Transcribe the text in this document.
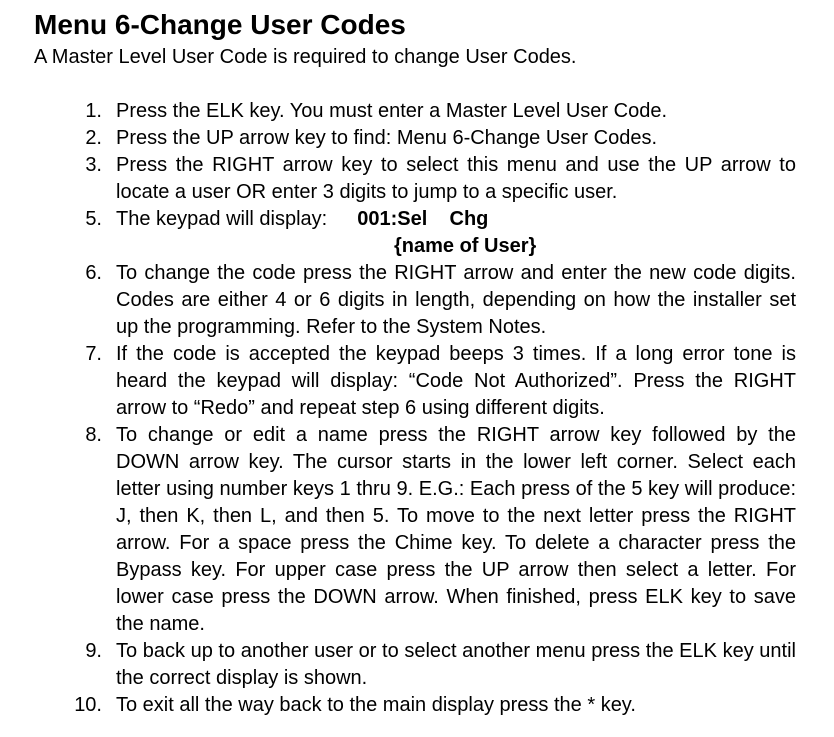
Menu 6-Change User Codes

A Master Level User Code is required to change User Codes.

1. Press the ELK key. You must enter a Master Level User Code.
2. Press the UP arrow key to find: Menu 6-Change User Codes.
3. Press the RIGHT arrow key to select this menu and use the UP arrow to locate a user OR enter 3 digits to jump to a specific user.
5. The keypad will display: 001:Sel    Chg
{name of User}
6. To change the code press the RIGHT arrow and enter the new code digits. Codes are either 4 or 6 digits in length, depending on how the installer set up the programming. Refer to the System Notes.
7. If the code is accepted the keypad beeps 3 times. If a long error tone is heard the keypad will display: “Code Not Authorized”. Press the RIGHT arrow to “Redo” and repeat step 6 using different digits.
8. To change or edit a name press the RIGHT arrow key followed by the DOWN arrow key. The cursor starts in the lower left corner. Select each letter using number keys 1 thru 9. E.G.: Each press of the 5 key will produce: J, then K, then L, and then 5. To move to the next letter press the RIGHT arrow. For a space press the Chime key. To delete a character press the Bypass key. For upper case press the UP arrow then select a letter. For lower case press the DOWN arrow. When finished, press ELK key to save the name.
9. To back up to another user or to select another menu press the ELK key until the correct display is shown.
10. To exit all the way back to the main display press the * key.
